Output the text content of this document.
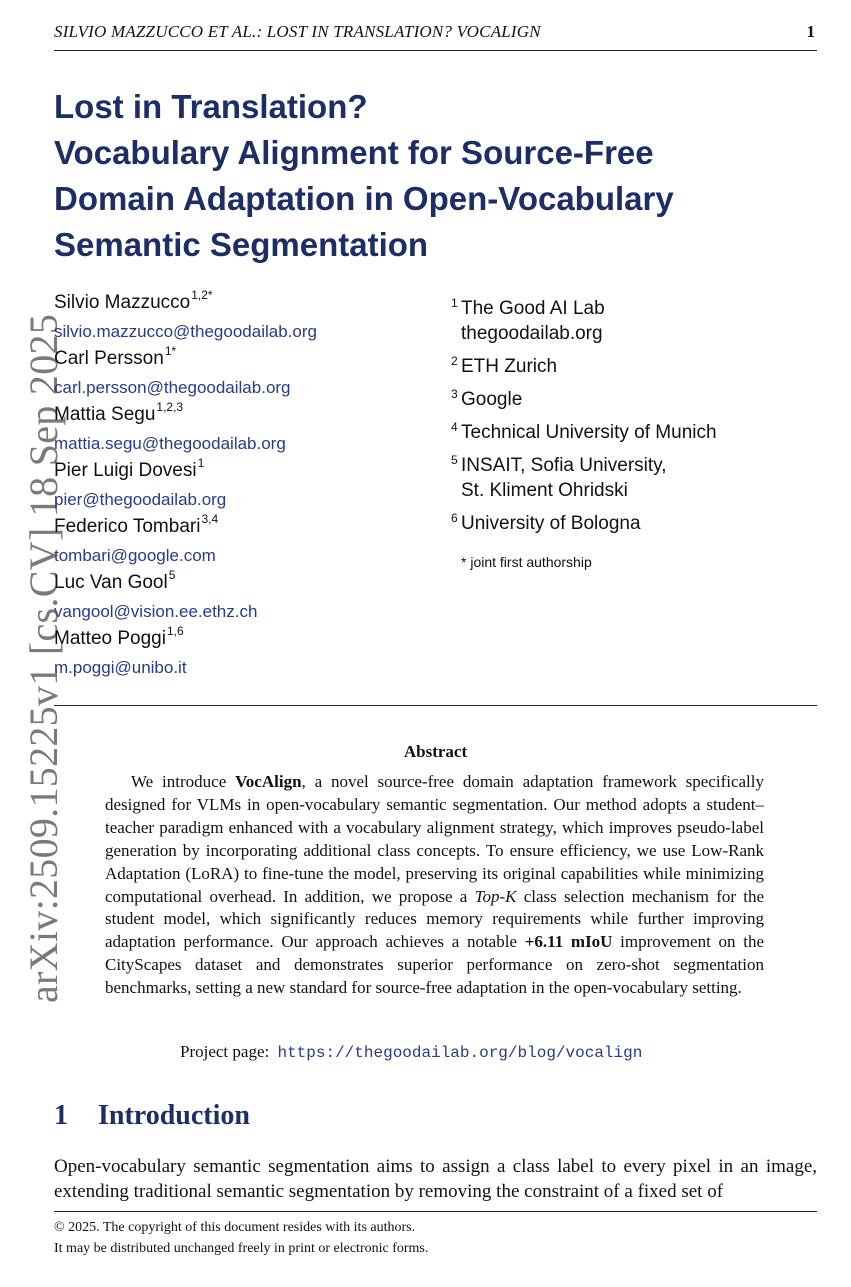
SILVIO MAZZUCCO ET AL.: LOST IN TRANSLATION? VOCALIGN	1
arXiv:2509.15225v1 [cs.CV] 18 Sep 2025
Lost in Translation?
Vocabulary Alignment for Source-Free
Domain Adaptation in Open-Vocabulary
Semantic Segmentation
Silvio Mazzucco$^{1,2*}$
silvio.mazzucco@thegoodailab.org
Carl Persson$^{1*}$
carl.persson@thegoodailab.org
Mattia Segu$^{1,2,3}$
mattia.segu@thegoodailab.org
Pier Luigi Dovesi$^1$
pier@thegoodailab.org
Federico Tombari$^{3,4}$
tombari@google.com
Luc Van Gool$^5$
vangool@vision.ee.ethz.ch
Matteo Poggi$^{1,6}$
m.poggi@unibo.it
1 The Good AI Lab
thegoodailab.org
2 ETH Zurich
3 Google
4 Technical University of Munich
5 INSAIT, Sofia University,
St. Kliment Ohridski
6 University of Bologna
* joint first authorship
Abstract
We introduce VocAlign, a novel source-free domain adaptation framework specifically designed for VLMs in open-vocabulary semantic segmentation. Our method adopts a student–teacher paradigm enhanced with a vocabulary alignment strategy, which improves pseudo-label generation by incorporating additional class concepts. To ensure efficiency, we use Low-Rank Adaptation (LoRA) to fine-tune the model, preserving its original capabilities while minimizing computational overhead. In addition, we propose a Top-K class selection mechanism for the student model, which significantly reduces memory requirements while further improving adaptation performance. Our approach achieves a notable +6.11 mIoU improvement on the CityScapes dataset and demonstrates superior performance on zero-shot segmentation benchmarks, setting a new standard for source-free adaptation in the open-vocabulary setting.
Project page: https://thegoodailab.org/blog/vocalign
1 Introduction
Open-vocabulary semantic segmentation aims to assign a class label to every pixel in an image, extending traditional semantic segmentation by removing the constraint of a fixed set of
© 2025. The copyright of this document resides with its authors.
It may be distributed unchanged freely in print or electronic forms.
